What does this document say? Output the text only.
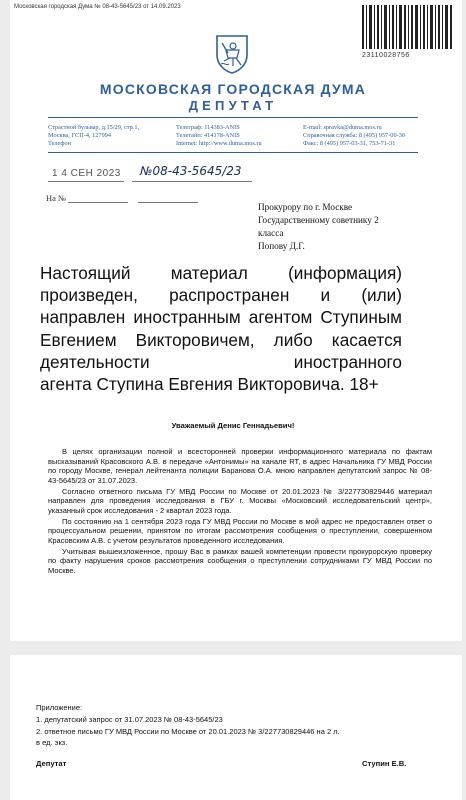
Московская городская Дума № 08-43-5645/23 от 14.09.2023
23110028756
МОСКОВСКАЯ ГОРОДСКАЯ ДУМА
ДЕПУТАТ
Страстной бульвар, д.15/29, стр.1,
Москва, ГСП-4, 127994
Телефон
Телеграф: 114383-ANIS
Телетайп: 414178-ANIS
Internet: http://www.duma.mos.ru
E-mail: spravka@duma.mos.ru
Справочная служба: 8 (495) 957-00-30
Факс: 8 (495) 957-03-31, 753-71-31
1 4 СЕН 2023 №08-43-5645/23
На №
Прокурору по г. Москве
Государственному советнику 2
класса
Попову Д.Г.
Настоящий материал (информация) произведен, распространен и (или) направлен иностранным агентом Ступиным Евгением Викторовичем, либо касается деятельности иностранного
агента Ступина Евгения Викторовича. 18+
Уважаемый Денис Геннадьевич!

В целях организации полной и всесторонней проверки информационного материала по фактам высказываний Красовского А.В. в передаче «Антонимы» на канале RT, в адрес Начальника ГУ МВД России по городу Москве, генерал лейтенанта полиции Баранова О.А. мною направлен депутатский запрос № 08-43-5645/23 от 31.07.2023.

Согласно ответного письма ГУ МВД России по Москве от 20.01.2023 № 3/227730829446 материал направлен для проведения исследования в ГБУ г. Москвы «Московский исследовательский центр», указанный срок исследования - 2 квартал 2023 года.

По состоянию на 1 сентября 2023 года ГУ МВД России по Москве в мой адрес не предоставлен ответ о процессуальном решении, принятом по итогам рассмотрения сообщения о преступлении, совершенном Красовским А.В. с учетом результатов проведенного исследования.

Учитывая вышеизложенное, прошу Вас в рамках вашей компетенции провести прокурорскую проверку по факту нарушения сроков рассмотрения сообщения о преступлении сотрудниками ГУ МВД России по Москве.

Приложение:
1. депутатский запрос от 31.07.2023 № 08-43-5645/23
2. ответное письмо ГУ МВД России по Москве от 20.01.2023 № 3/227730829446 на 2 л.
в ед. экз.
Депутат	Ступин Е.В.
